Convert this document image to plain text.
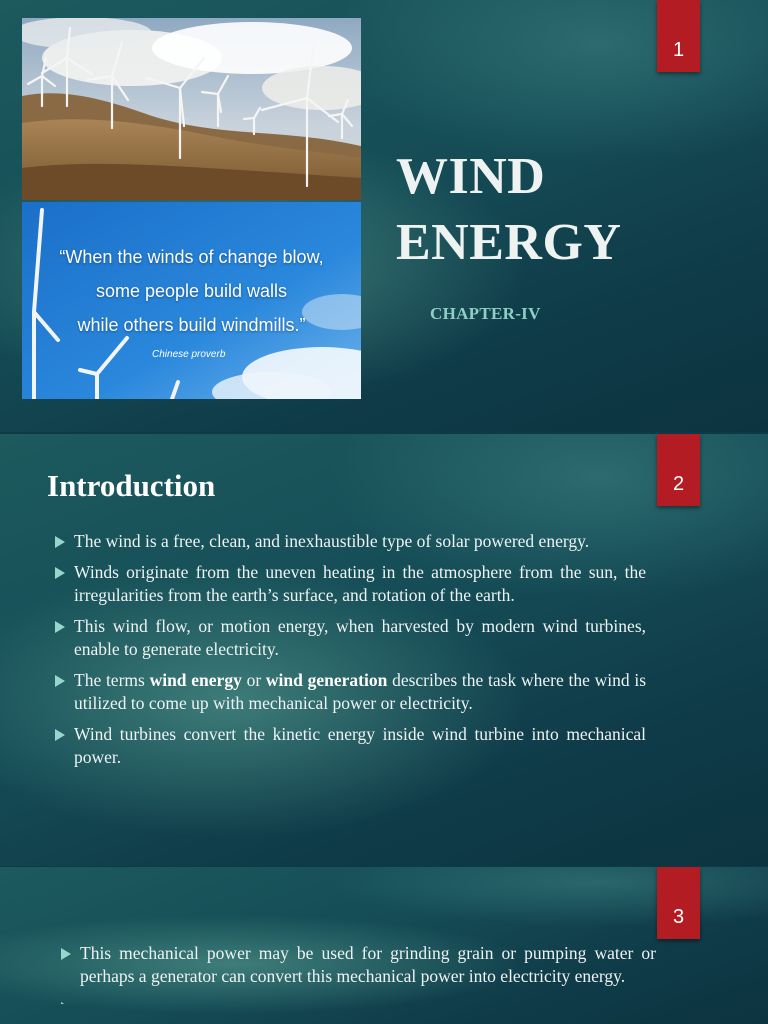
1
“When the winds of change blow,
some people build walls
while others build windmills.”
Chinese proverb
WIND
ENERGY
CHAPTER-IV
2
Introduction
The wind is a free, clean, and inexhaustible type of solar powered energy.
Winds originate from the uneven heating in the atmosphere from the sun, the irregularities from the earth’s surface, and rotation of the earth.
This wind flow, or motion energy, when harvested by modern wind turbines, enable to generate electricity.
The terms wind energy or wind generation describes the task where the wind is utilized to come up with mechanical power or electricity.
Wind turbines convert the kinetic energy inside wind turbine into mechanical power.
3
This mechanical power may be used for grinding grain or pumping water or perhaps a generator can convert this mechanical power into electricity energy.
